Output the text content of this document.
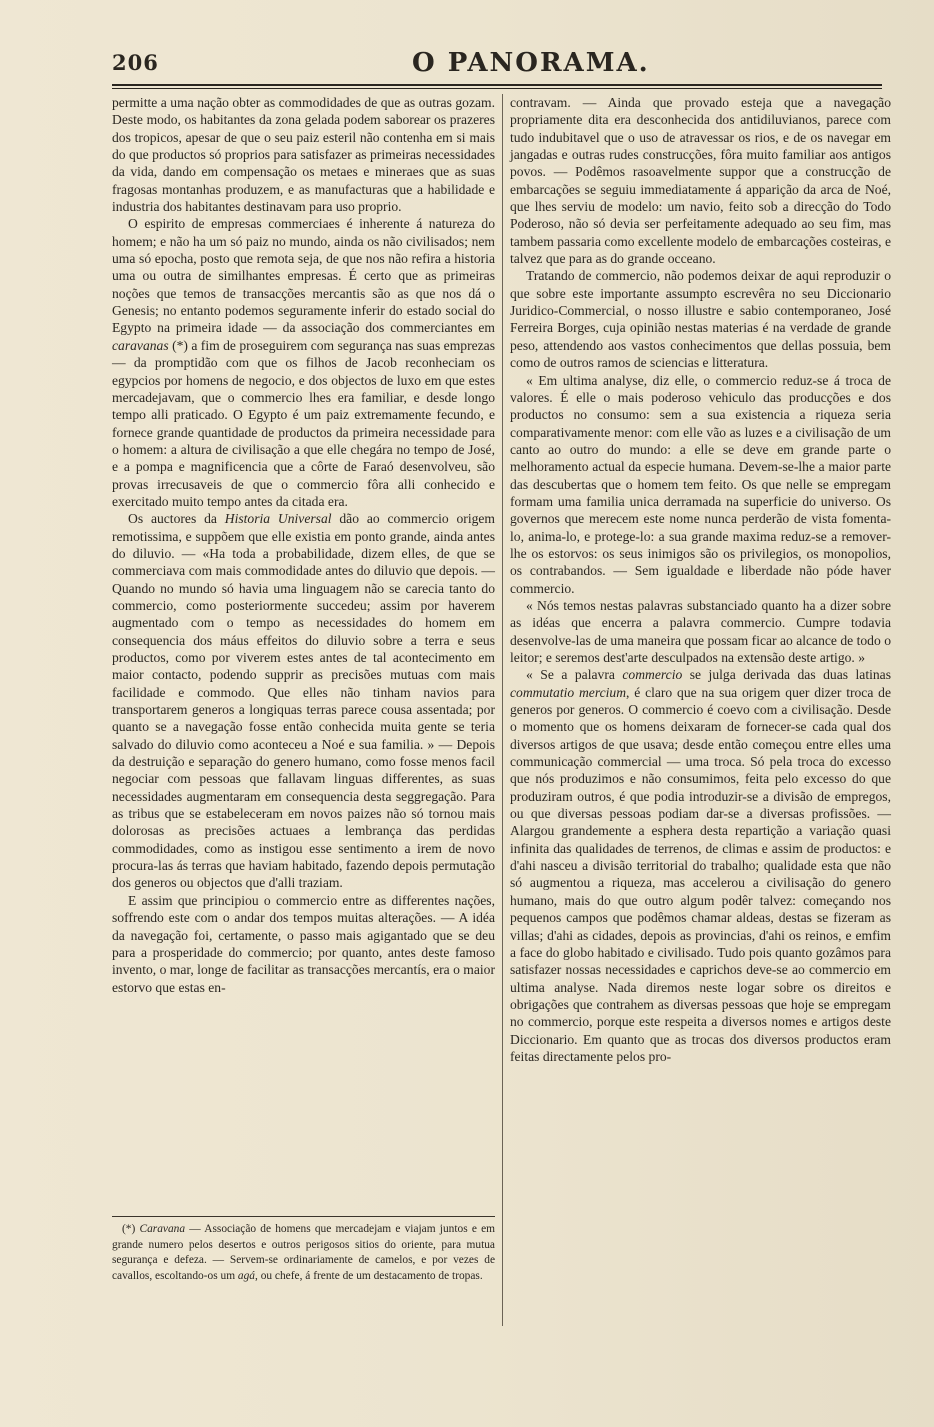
206	O PANORAMA.

permitte a uma nação obter as commodidades de que as outras gozam. Deste modo, os habitantes da zona gelada podem saborear os prazeres dos tropicos, apesar de que o seu paiz esteril não contenha em si mais do que productos só proprios para satisfazer as primeiras necessidades da vida, dando em compensação os metaes e mineraes que as suas fragosas montanhas produzem, e as manufacturas que a habilidade e industria dos habitantes destinavam para uso proprio.

O espirito de empresas commerciaes é inherente á natureza do homem; e não ha um só paiz no mundo, ainda os não civilisados; nem uma só epocha, posto que remota seja, de que nos não refira a historia uma ou outra de similhantes empresas. É certo que as primeiras noções que temos de transacções mercantis são as que nos dá o Genesis; no entanto podemos seguramente inferir do estado social do Egypto na primeira idade — da associação dos commerciantes em caravanas (*) a fim de proseguirem com segurança nas suas emprezas — da promptidão com que os filhos de Jacob reconheciam os egypcios por homens de negocio, e dos objectos de luxo em que estes mercadejavam, que o commercio lhes era familiar, e desde longo tempo alli praticado. O Egypto é um paiz extremamente fecundo, e fornece grande quantidade de productos da primeira necessidade para o homem: a altura de civilisação a que elle chegára no tempo de José, e a pompa e magnificencia que a côrte de Faraó desenvolveu, são provas irrecusaveis de que o commercio fôra alli conhecido e exercitado muito tempo antes da citada era.

Os auctores da Historia Universal dão ao commercio origem remotissima, e suppõem que elle existia em ponto grande, ainda antes do diluvio. — «Ha toda a probabilidade, dizem elles, de que se commerciava com mais commodidade antes do diluvio que depois. — Quando no mundo só havia uma linguagem não se carecia tanto do commercio, como posteriormente succedeu; assim por haverem augmentado com o tempo as necessidades do homem em consequencia dos máus effeitos do diluvio sobre a terra e seus productos, como por viverem estes antes de tal acontecimento em maior contacto, podendo supprir as precisões mutuas com mais facilidade e commodo. Que elles não tinham navios para transportarem generos a longiquas terras parece cousa assentada; por quanto se a navegação fosse então conhecida muita gente se teria salvado do diluvio como aconteceu a Noé e sua familia. » — Depois da destruição e separação do genero humano, como fosse menos facil negociar com pessoas que fallavam linguas differentes, as suas necessidades augmentaram em consequencia desta seggregação. Para as tribus que se estabeleceram em novos paizes não só tornou mais dolorosas as precisões actuaes a lembrança das perdidas commodidades, como as instigou esse sentimento a irem de novo procura-las ás terras que haviam habitado, fazendo depois permutação dos generos ou objectos que d'alli traziam.

E assim que principiou o commercio entre as differentes nações, soffrendo este com o andar dos tempos muitas alterações. — A idéa da navegação foi, certamente, o passo mais agigantado que se deu para a prosperidade do commercio; por quanto, antes deste famoso invento, o mar, longe de facilitar as transacções mercantís, era o maior estorvo que estas en-

(*) Caravana — Associação de homens que mercadejam e viajam juntos e em grande numero pelos desertos e outros perigosos sitios do oriente, para mutua segurança e defeza. — Servem-se ordinariamente de camelos, e por vezes de cavallos, escoltando-os um agá, ou chefe, á frente de um destacamento de tropas.

contravam. — Ainda que provado esteja que a navegação propriamente dita era desconhecida dos antidiluvianos, parece com tudo indubitavel que o uso de atravessar os rios, e de os navegar em jangadas e outras rudes construcções, fôra muito familiar aos antigos povos. — Podêmos rasoavelmente suppor que a construcção de embarcações se seguiu immediatamente á apparição da arca de Noé, que lhes serviu de modelo: um navio, feito sob a direcção do Todo Poderoso, não só devia ser perfeitamente adequado ao seu fim, mas tambem passaria como excellente modelo de embarcações costeiras, e talvez que para as do grande occeano.

Tratando de commercio, não podemos deixar de aqui reproduzir o que sobre este importante assumpto escrevêra no seu Diccionario Juridico-Commercial, o nosso illustre e sabio contemporaneo, José Ferreira Borges, cuja opinião nestas materias é na verdade de grande peso, attendendo aos vastos conhecimentos que dellas possuia, bem como de outros ramos de sciencias e litteratura.

« Em ultima analyse, diz elle, o commercio reduz-se á troca de valores. É elle o mais poderoso vehiculo das producções e dos productos no consumo: sem a sua existencia a riqueza seria comparativamente menor: com elle vão as luzes e a civilisação de um canto ao outro do mundo: a elle se deve em grande parte o melhoramento actual da especie humana. Devem-se-lhe a maior parte das descubertas que o homem tem feito. Os que nelle se empregam formam uma familia unica derramada na superficie do universo. Os governos que merecem este nome nunca perderão de vista fomenta-lo, anima-lo, e protege-lo: a sua grande maxima reduz-se a remover-lhe os estorvos: os seus inimigos são os privilegios, os monopolios, os contrabandos. — Sem igualdade e liberdade não póde haver commercio.

« Nós temos nestas palavras substanciado quanto ha a dizer sobre as idéas que encerra a palavra commercio. Cumpre todavia desenvolve-las de uma maneira que possam ficar ao alcance de todo o leitor; e seremos dest'arte desculpados na extensão deste artigo. »

« Se a palavra commercio se julga derivada das duas latinas commutatio mercium, é claro que na sua origem quer dizer troca de generos por generos. O commercio é coevo com a civilisação. Desde o momento que os homens deixaram de fornecer-se cada qual dos diversos artigos de que usava; desde então começou entre elles uma communicação commercial — uma troca. Só pela troca do excesso que nós produzimos e não consumimos, feita pelo excesso do que produziram outros, é que podia introduzir-se a divisão de empregos, ou que diversas pessoas podiam dar-se a diversas profissões. — Alargou grandemente a esphera desta repartição a variação quasi infinita das qualidades de terrenos, de climas e assim de productos: e d'ahi nasceu a divisão territorial do trabalho; qualidade esta que não só augmentou a riqueza, mas accelerou a civilisação do genero humano, mais do que outro algum podêr talvez: começando nos pequenos campos que podêmos chamar aldeas, destas se fizeram as villas; d'ahi as cidades, depois as provincias, d'ahi os reinos, e emfim a face do globo habitado e civilisado. Tudo pois quanto gozâmos para satisfazer nossas necessidades e caprichos deve-se ao commercio em ultima analyse. Nada diremos neste logar sobre os direitos e obrigações que contrahem as diversas pessoas que hoje se empregam no commercio, porque este respeita a diversos nomes e artigos deste Diccionario. Em quanto que as trocas dos diversos productos eram feitas directamente pelos pro-
